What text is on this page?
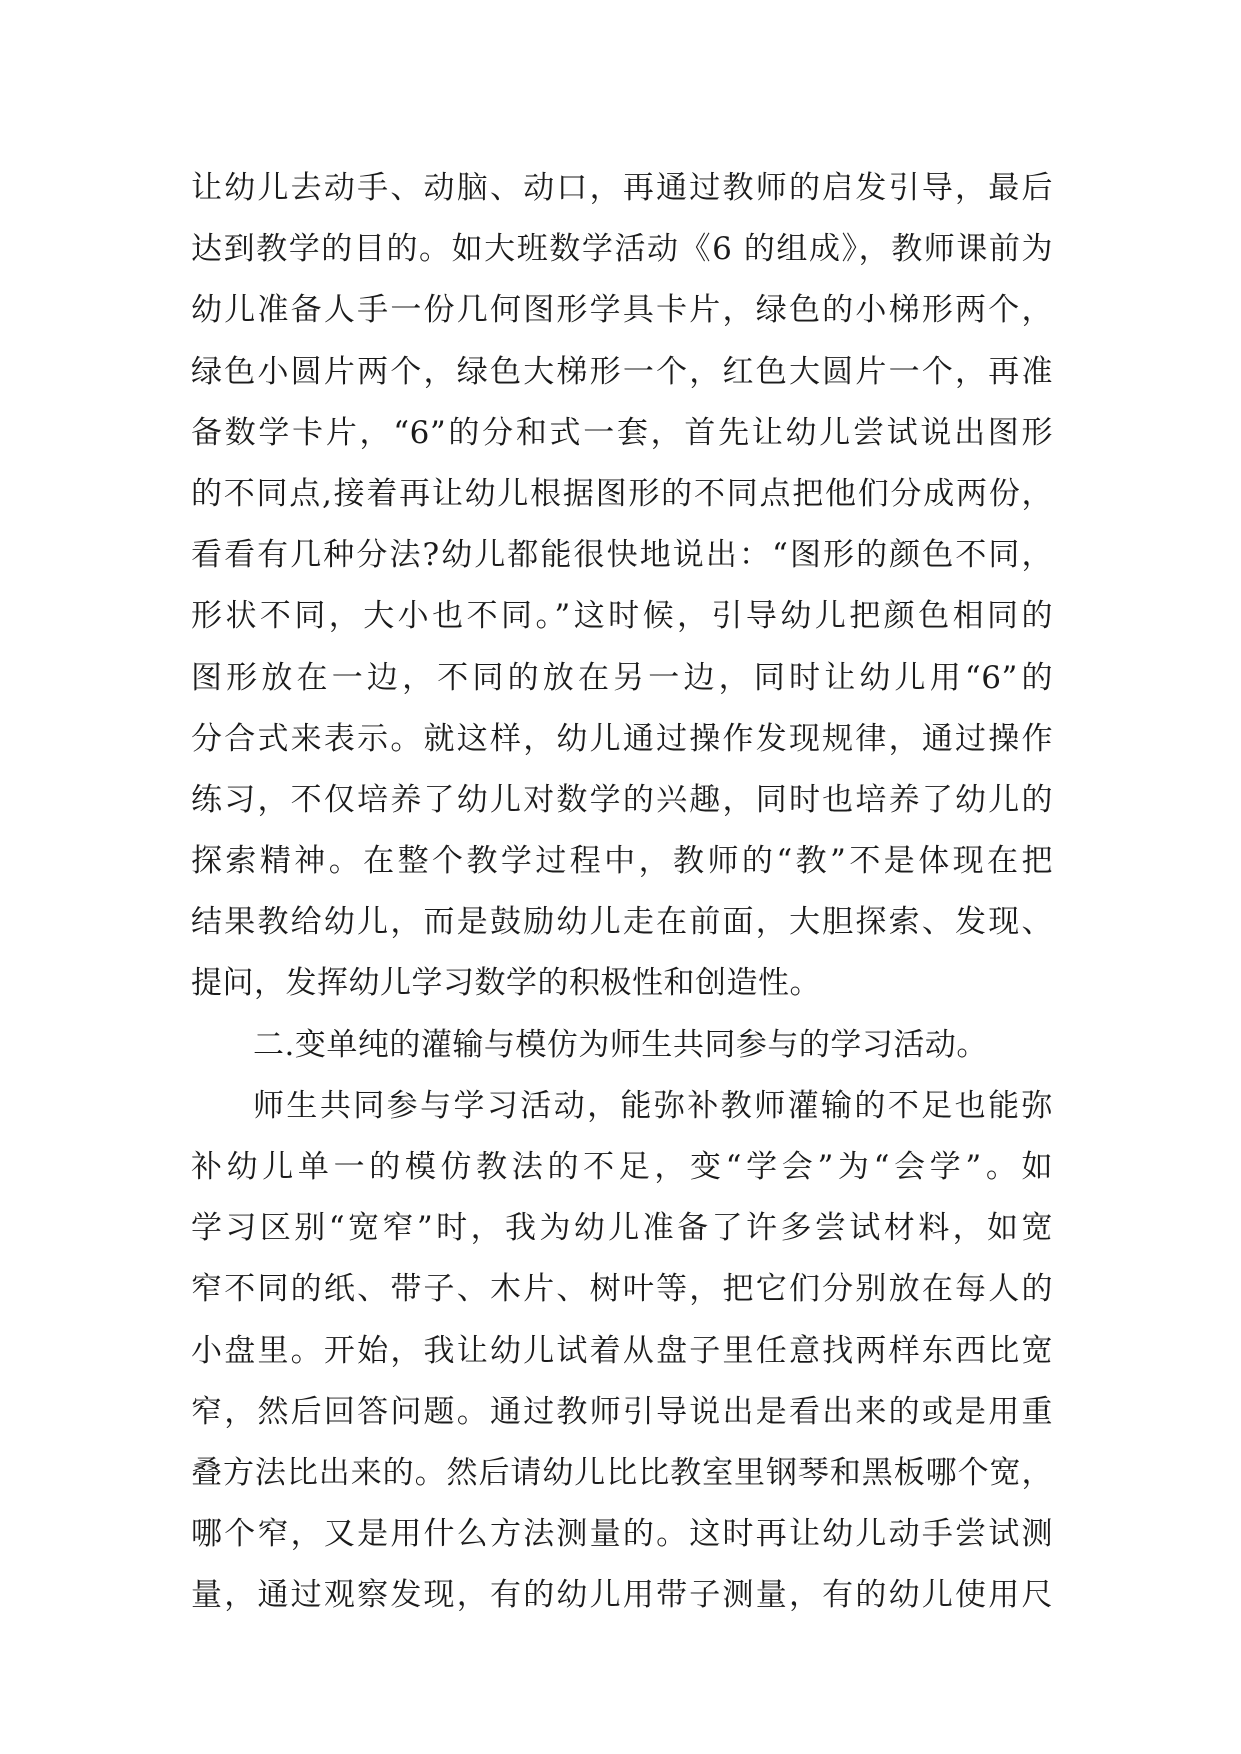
让幼儿去动手、动脑、动口，再通过教师的启发引导，最后
达到教学的目的。如大班数学活动《6 的组成》，教师课前为
幼儿准备人手一份几何图形学具卡片，绿色的小梯形两个，
绿色小圆片两个，绿色大梯形一个，红色大圆片一个，再准
备数学卡片，“6”的分和式一套，首先让幼儿尝试说出图形
的不同点,接着再让幼儿根据图形的不同点把他们分成两份，
看看有几种分法?幼儿都能很快地说出：“图形的颜色不同，
形状不同，大小也不同。”这时候，引导幼儿把颜色相同的
图形放在一边，不同的放在另一边，同时让幼儿用“6”的
分合式来表示。就这样，幼儿通过操作发现规律，通过操作
练习，不仅培养了幼儿对数学的兴趣，同时也培养了幼儿的
探索精神。在整个教学过程中，教师的“教”不是体现在把
结果教给幼儿，而是鼓励幼儿走在前面，大胆探索、发现、
提问，发挥幼儿学习数学的积极性和创造性。
二.变单纯的灌输与模仿为师生共同参与的学习活动。
师生共同参与学习活动，能弥补教师灌输的不足也能弥
补幼儿单一的模仿教法的不足，变“学会”为“会学”。如
学习区别“宽窄”时，我为幼儿准备了许多尝试材料，如宽
窄不同的纸、带子、木片、树叶等，把它们分别放在每人的
小盘里。开始，我让幼儿试着从盘子里任意找两样东西比宽
窄，然后回答问题。通过教师引导说出是看出来的或是用重
叠方法比出来的。然后请幼儿比比教室里钢琴和黑板哪个宽，
哪个窄，又是用什么方法测量的。这时再让幼儿动手尝试测
量，通过观察发现，有的幼儿用带子测量，有的幼儿使用尺
